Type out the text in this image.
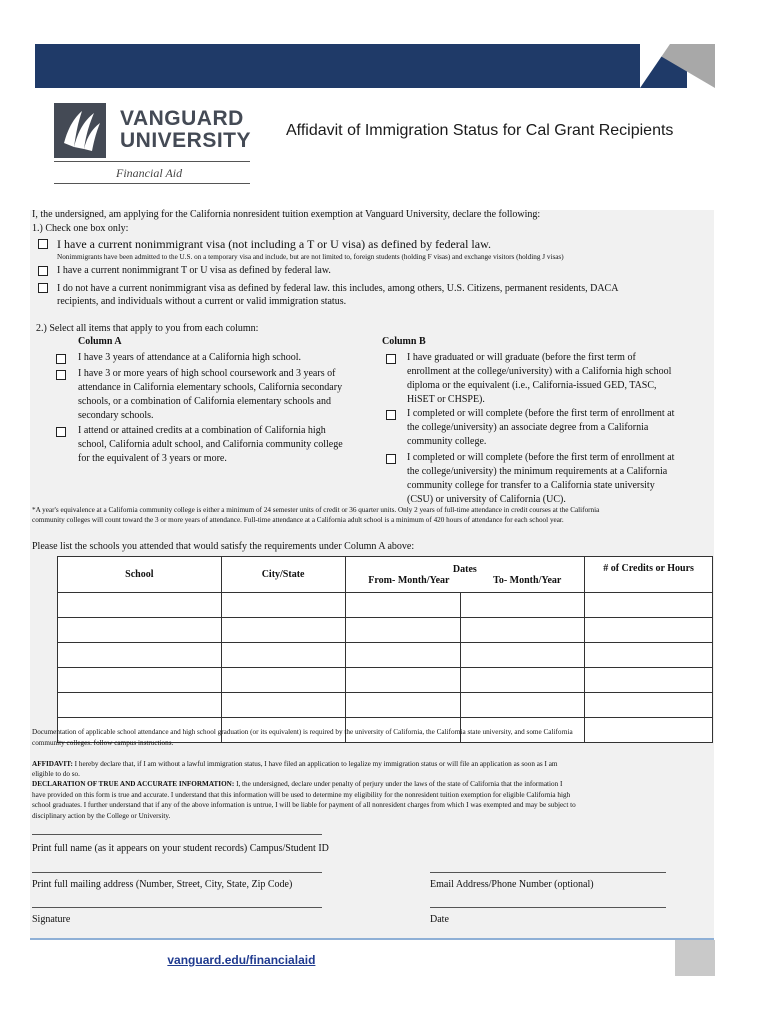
VANGUARD
UNIVERSITY
Financial Aid
Affidavit of Immigration Status for Cal Grant Recipients
I, the undersigned, am applying for the California nonresident tuition exemption at Vanguard University, declare the following:
1.) Check one box only:
I have a current nonimmigrant visa (not including a T or U visa) as defined by federal law.
Nonimmigrants have been admitted to the U.S. on a temporary visa and include, but are not limited to, foreign students (holding F visas) and exchange visitors (holding J visas)
I have a current nonimmigrant T or U visa as defined by federal law.
I do not have a current nonimmigrant visa as defined by federal law. this includes, among others, U.S. Citizens, permanent residents, DACA
recipients, and individuals without a current or valid immigration status.
2.) Select all items that apply to you from each column:
Column A	Column B
I have 3 years of attendance at a California high school.
I have 3 or more years of high school coursework and 3 years of
attendance in California elementary schools, California secondary
schools, or a combination of California elementary schools and
secondary schools.
I attend or attained credits at a combination of California high
school, California adult school, and California community college
for the equivalent of 3 years or more.
I have graduated or will graduate (before the first term of
enrollment at the college/university) with a California high school
diploma or the equivalent (i.e., California-issued GED, TASC,
HiSET or CHSPE).
I completed or will complete (before the first term of enrollment at
the college/university) an associate degree from a California
community college.
I completed or will complete (before the first term of enrollment at
the college/university) the minimum requirements at a California
community college for transfer to a California state university
(CSU) or university of California (UC).
*A year's equivalence at a California community college is either a minimum of 24 semester units of credit or 36 quarter units. Only 2 years of full-time attendance in credit courses at the California
community colleges will count toward the 3 or more years of attendance. Full-time attendance at a California adult school is a minimum of 420 hours of attendance for each school year.
Please list the schools you attended that would satisfy the requirements under Column A above:
School	City/State	Dates
From- Month/Year To- Month/Year		# of Credits or Hours

Documentation of applicable school attendance and high school graduation (or its equivalent) is required by the university of California, the California state university, and some California
community colleges. follow campus instructions.
AFFIDAVIT: I hereby declare that, if I am without a lawful immigration status, I have filed an application to legalize my immigration status or will file an application as soon as I am
eligible to do so.
DECLARATION OF TRUE AND ACCURATE INFORMATION: I, the undersigned, declare under penalty of perjury under the laws of the state of California that the information I
have provided on this form is true and accurate. I understand that this information will be used to determine my eligibility for the nonresident tuition exemption for eligible California high
school graduates. I further understand that if any of the above information is untrue, I will be liable for payment of all nonresident charges from which I was exempted and may be subject to
disciplinary action by the College or University.
Print full name (as it appears on your student records) Campus/Student ID
Print full mailing address (Number, Street, City, State, Zip Code)	Email Address/Phone Number (optional)
Signature	Date
Financial Aid Office • vanguard.edu/financialaid
